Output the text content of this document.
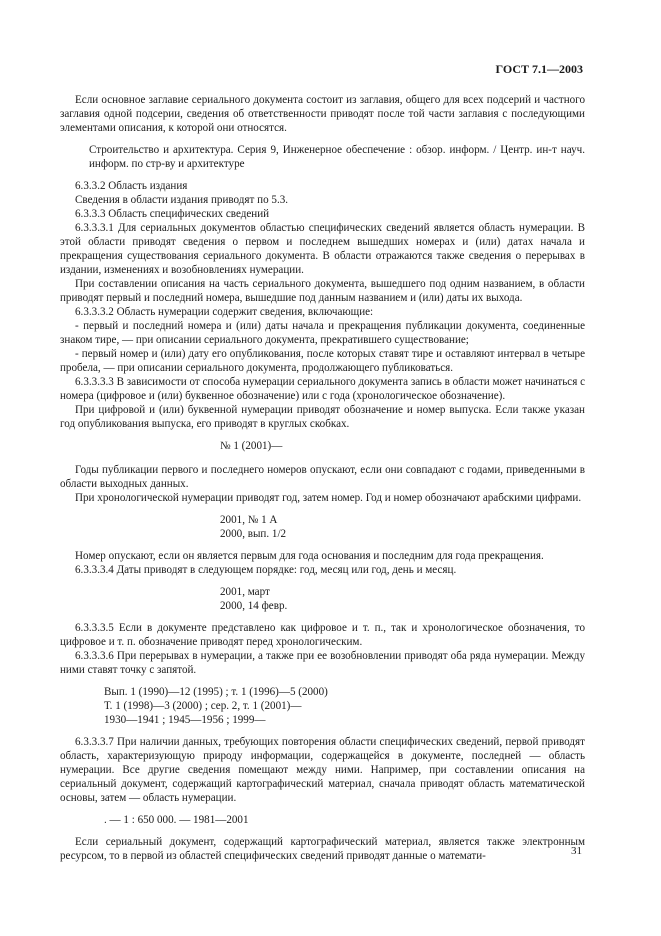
ГОСТ 7.1—2003

Если основное заглавие сериального документа состоит из заглавия, общего для всех подсерий и частного заглавия одной подсерии, сведения об ответственности приводят после той части заглавия с последующими элементами описания, к которой они относятся.

Строительство и архитектура. Серия 9, Инженерное обеспечение : обзор. информ. / Центр. ин-т науч. информ. по стр-ву и архитектуре

6.3.3.2 Область издания

Сведения в области издания приводят по 5.3.

6.3.3.3 Область специфических сведений

6.3.3.3.1 Для сериальных документов областью специфических сведений является область нумерации. В этой области приводят сведения о первом и последнем вышедших номерах и (или) датах начала и прекращения существования сериального документа. В области отражаются также сведения о перерывах в издании, изменениях и возобновлениях нумерации.

При составлении описания на часть сериального документа, вышедшего под одним названием, в области приводят первый и последний номера, вышедшие под данным названием и (или) даты их выхода.

6.3.3.3.2 Область нумерации содержит сведения, включающие:

- первый и последний номера и (или) даты начала и прекращения публикации документа, соединенные знаком тире, — при описании сериального документа, прекратившего существование;

- первый номер и (или) дату его опубликования, после которых ставят тире и оставляют интервал в четыре пробела, — при описании сериального документа, продолжающего публиковаться.

6.3.3.3.3 В зависимости от способа нумерации сериального документа запись в области может начинаться с номера (цифровое и (или) буквенное обозначение) или с года (хронологическое обозначение).

При цифровой и (или) буквенной нумерации приводят обозначение и номер выпуска. Если также указан год опубликования выпуска, его приводят в круглых скобках.

№ 1 (2001)—

Годы публикации первого и последнего номеров опускают, если они совпадают с годами, приведенными в области выходных данных.

При хронологической нумерации приводят год, затем номер. Год и номер обозначают арабскими цифрами.

2001, № 1 А

2000, вып. 1/2

Номер опускают, если он является первым для года основания и последним для года прекращения.

6.3.3.3.4 Даты приводят в следующем порядке: год, месяц или год, день и месяц.

2001, март

2000, 14 февр.

6.3.3.3.5 Если в документе представлено как цифровое и т. п., так и хронологическое обозначения, то цифровое и т. п. обозначение приводят перед хронологическим.

6.3.3.3.6 При перерывах в нумерации, а также при ее возобновлении приводят оба ряда нумерации. Между ними ставят точку с запятой.

Вып. 1 (1990)—12 (1995) ; т. 1 (1996)—5 (2000)

Т. 1 (1998)—3 (2000) ; сер. 2, т. 1 (2001)—

1930—1941 ; 1945—1956 ; 1999—

6.3.3.3.7 При наличии данных, требующих повторения области специфических сведений, первой приводят область, характеризующую природу информации, содержащейся в документе, последней — область нумерации. Все другие сведения помещают между ними. Например, при составлении описания на сериальный документ, содержащий картографический материал, сначала приводят область математической основы, затем — область нумерации.

. — 1 : 650 000. — 1981—2001

Если сериальный документ, содержащий картографический материал, является также электронным ресурсом, то в первой из областей специфических сведений приводят данные о математи-	31
